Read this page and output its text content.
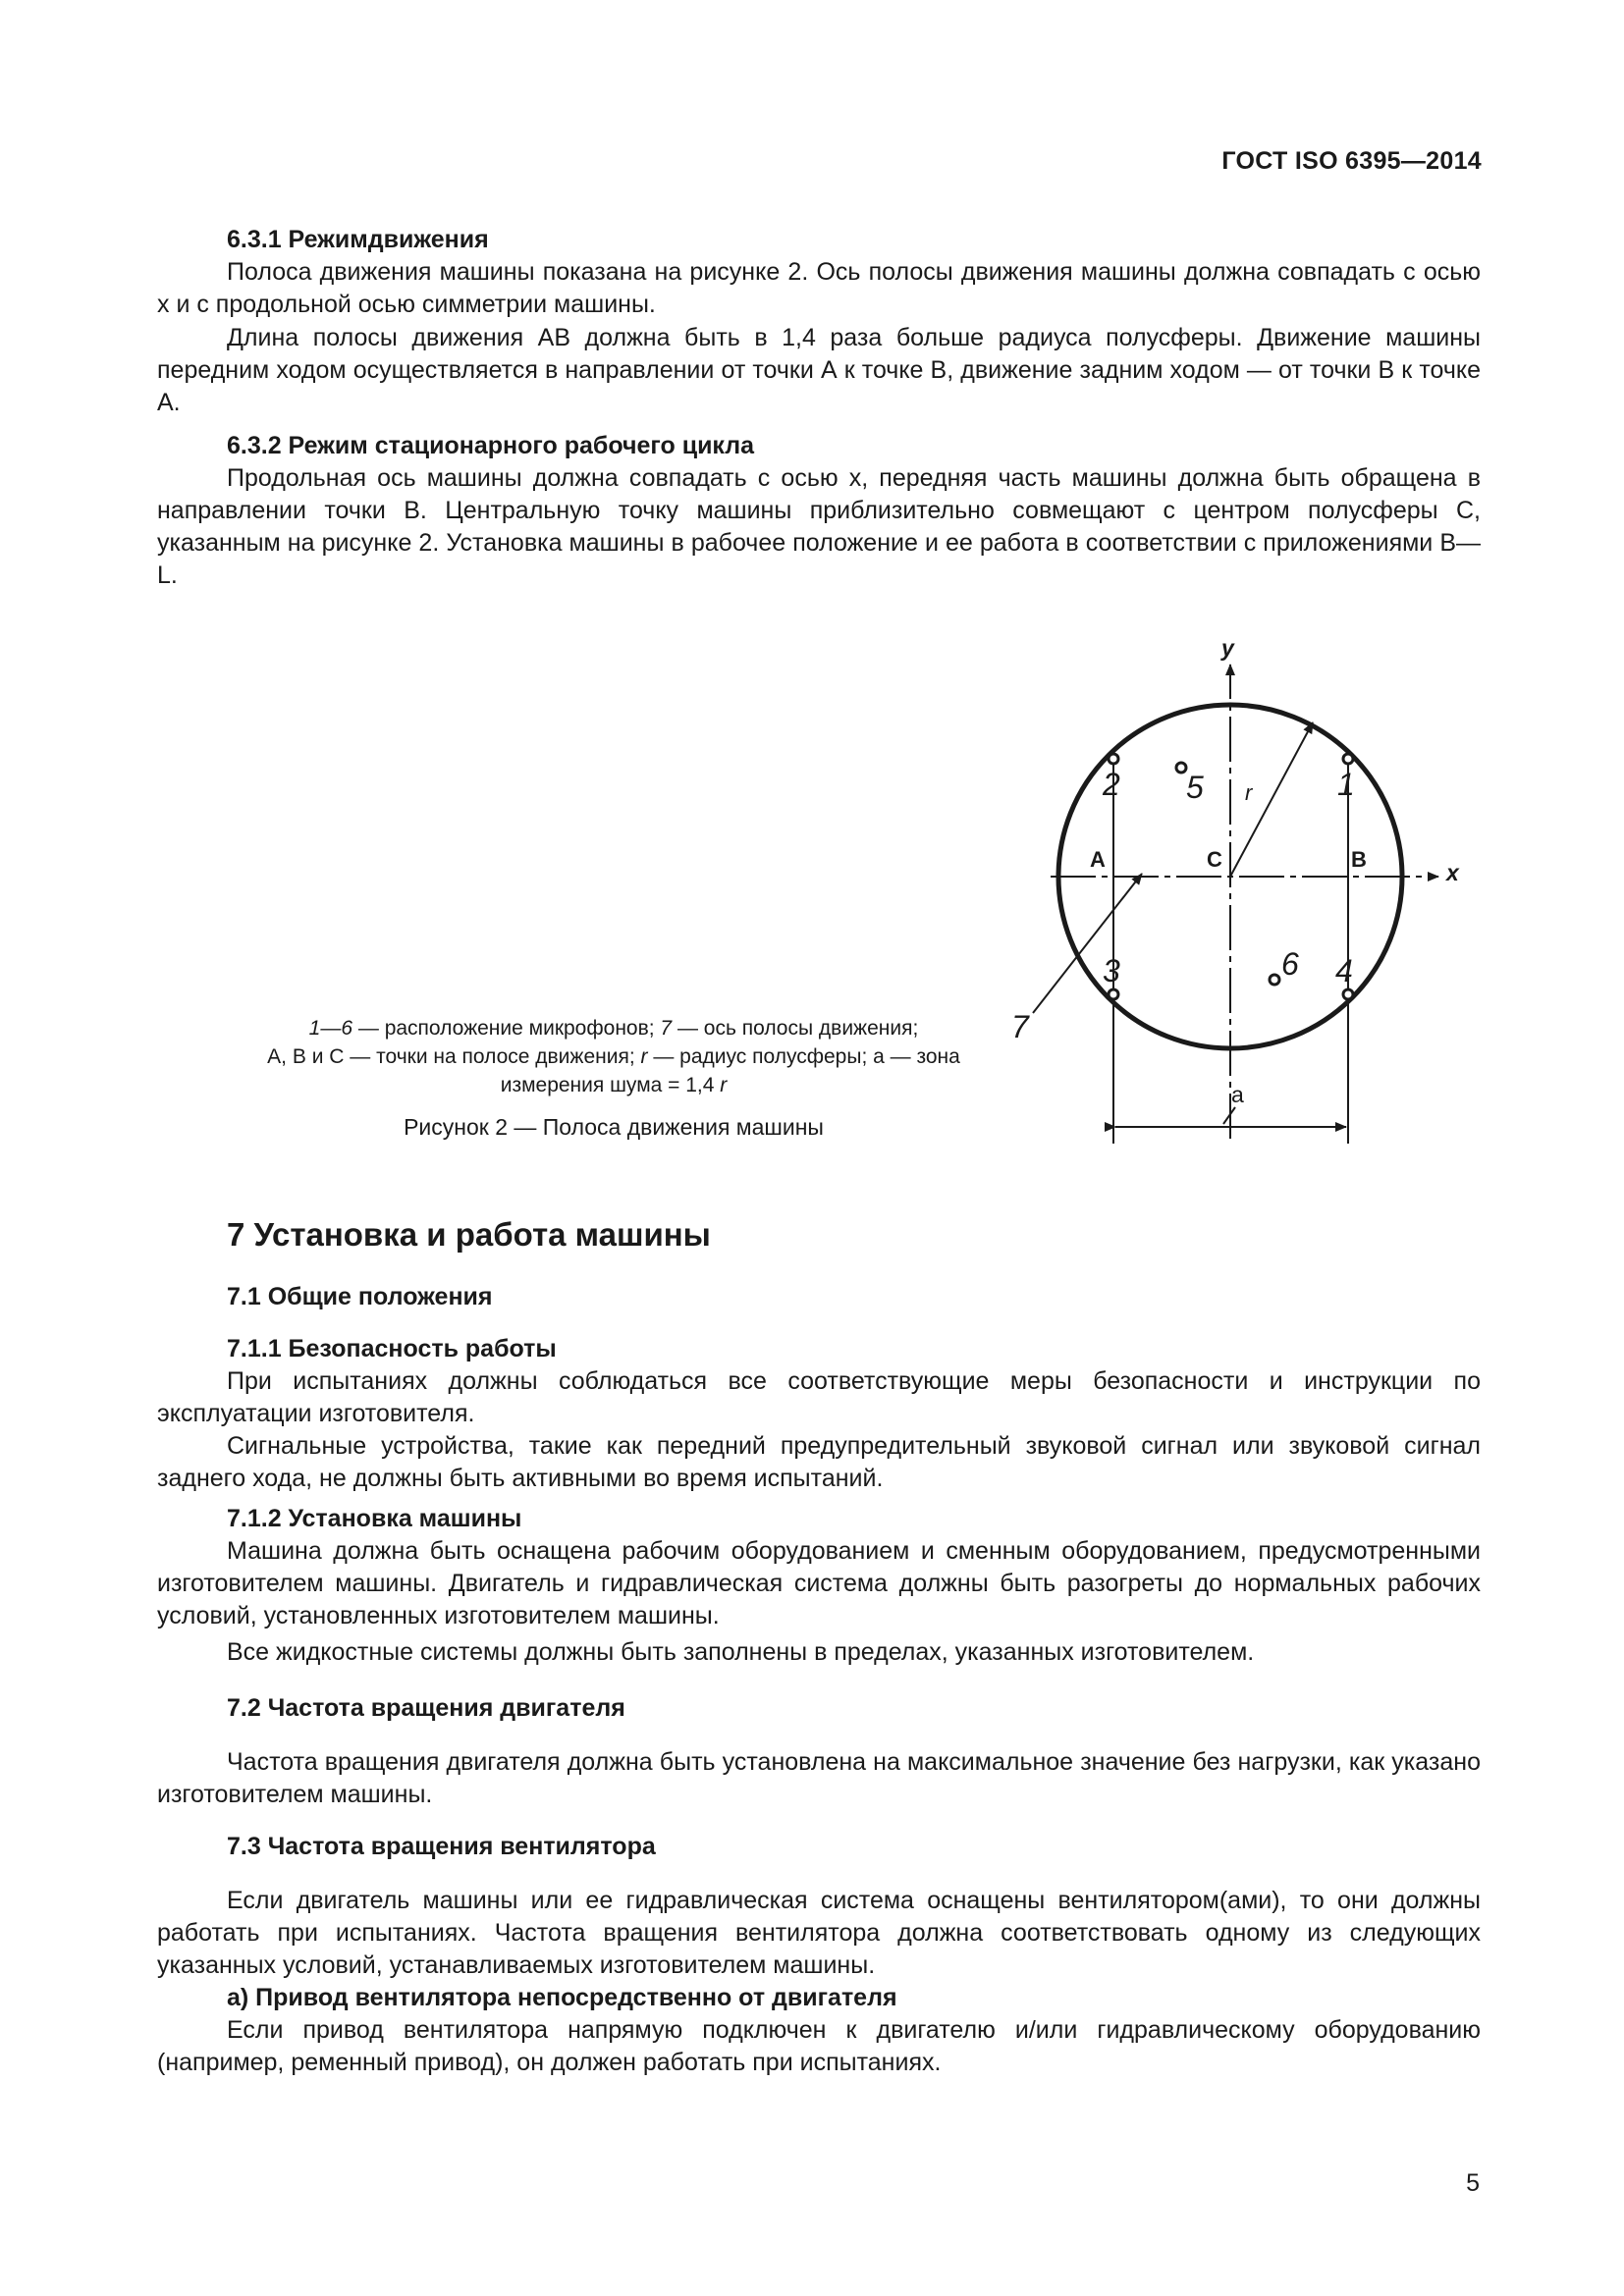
ГОСТ ISO 6395—2014

6.3.1 Режимдвижения

Полоса движения машины показана на рисунке 2. Ось полосы движения машины должна совпадать с осью x и с продольной осью симметрии машины.

Длина полосы движения AB должна быть в 1,4 раза больше радиуса полусферы. Движение машины передним ходом осуществляется в направлении от точки А к точке В, движение задним ходом — от точки В к точке А.

6.3.2 Режим стационарного рабочего цикла

Продольная ось машины должна совпадать с осью x, передняя часть машины должна быть обращена в направлении точки B. Центральную точку машины приблизительно совмещают с центром полусферы C, указанным на рисунке 2. Установка машины в рабочее положение и ее работа в соответствии с приложениями B—L.

y
x
A	C	B
r
a
1
2
3	4
5
6
7
1—6 — расположение микрофонов; 7 — ось полосы движения;
A, B и C — точки на полосе движения; r — радиус полусферы; a — зона
измерения шума = 1,4 r
Рисунок 2 — Полоса движения машины

7 Установка и работа машины

7.1 Общие положения

7.1.1 Безопасность работы

При испытаниях должны соблюдаться все соответствующие меры безопасности и инструкции по эксплуатации изготовителя.

Сигнальные устройства, такие как передний предупредительный звуковой сигнал или звуковой сигнал заднего хода, не должны быть активными во время испытаний.

7.1.2 Установка машины

Машина должна быть оснащена рабочим оборудованием и сменным оборудованием, предусмотренными изготовителем машины. Двигатель и гидравлическая система должны быть разогреты до нормальных рабочих условий, установленных изготовителем машины.

Все жидкостные системы должны быть заполнены в пределах, указанных изготовителем.

7.2 Частота вращения двигателя

Частота вращения двигателя должна быть установлена на максимальное значение без нагрузки, как указано изготовителем машины.

7.3 Частота вращения вентилятора

Если двигатель машины или ее гидравлическая система оснащены вентилятором(ами), то они должны работать при испытаниях. Частота вращения вентилятора должна соответствовать одному из следующих указанных условий, устанавливаемых изготовителем машины.

a) Привод вентилятора непосредственно от двигателя

Если привод вентилятора напрямую подключен к двигателю и/или гидравлическому оборудованию (например, ременный привод), он должен работать при испытаниях.

5
